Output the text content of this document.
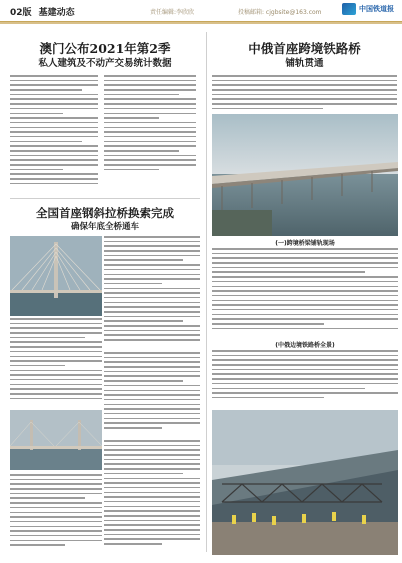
02版 基建动态	责任编辑:李欣欣	投稿邮箱: cjgbsite@163.com	中国铁道报
澳门公布2021年第2季
私人建筑及不动产交易统计数据
中俄首座跨境铁路桥
铺轨贯通
(一)跨境桥梁铺轨现场
(中俄边境铁路桥全景)
全国首座钢斜拉桥换索完成
确保年底全桥通车
